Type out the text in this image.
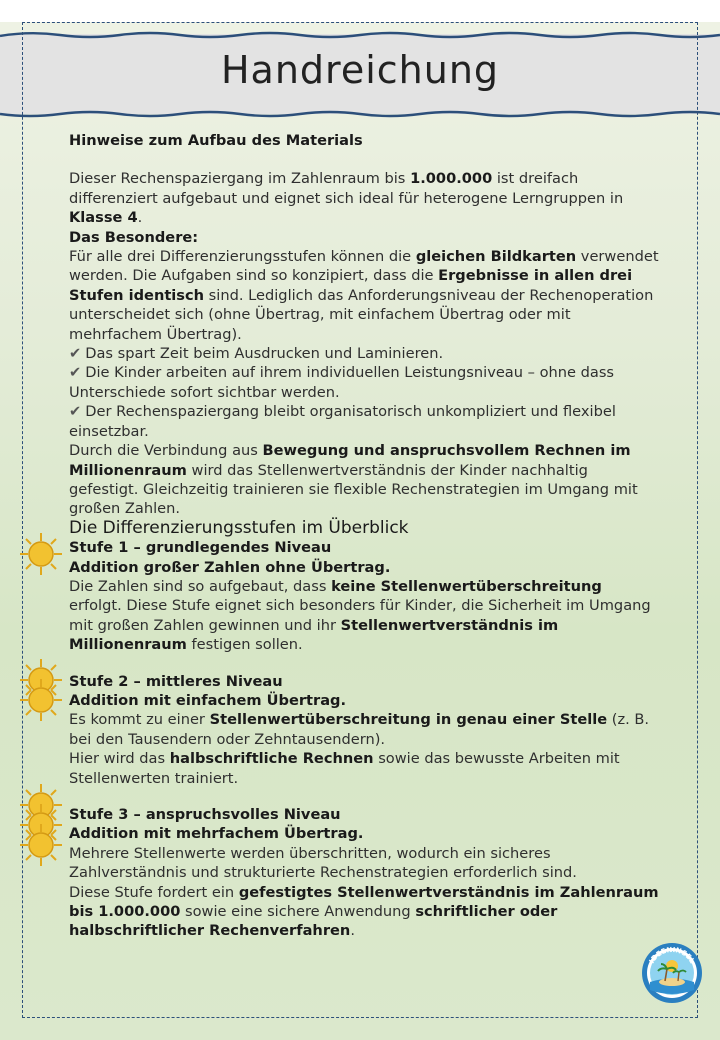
Handreichung

Hinweise zum Aufbau des Materials

Dieser Rechenspaziergang im Zahlenraum bis 1.000.000 ist dreifach differenziert aufgebaut und eignet sich ideal für heterogene Lerngruppen in Klasse 4.

Das Besondere:

Für alle drei Differenzierungsstufen können die gleichen Bildkarten verwendet werden. Die Aufgaben sind so konzipiert, dass die Ergebnisse in allen drei Stufen identisch sind. Lediglich das Anforderungsniveau der Rechenoperation unterscheidet sich (ohne Übertrag, mit einfachem Übertrag oder mit mehrfachem Übertrag).

✔ Das spart Zeit beim Ausdrucken und Laminieren.

✔ Die Kinder arbeiten auf ihrem individuellen Leistungsniveau – ohne dass Unterschiede sofort sichtbar werden.

✔ Der Rechenspaziergang bleibt organisatorisch unkompliziert und flexibel einsetzbar.

Durch die Verbindung aus Bewegung und anspruchsvollem Rechnen im Millionenraum wird das Stellenwertverständnis der Kinder nachhaltig gefestigt. Gleichzeitig trainieren sie flexible Rechenstrategien im Umgang mit großen Zahlen.

Die Differenzierungsstufen im Überblick

Stufe 1 – grundlegendes Niveau

Addition großer Zahlen ohne Übertrag.

Die Zahlen sind so aufgebaut, dass keine Stellenwertüberschreitung erfolgt. Diese Stufe eignet sich besonders für Kinder, die Sicherheit im Umgang mit großen Zahlen gewinnen und ihr Stellenwertverständnis im Millionenraum festigen sollen.

Stufe 2 – mittleres Niveau

Addition mit einfachem Übertrag.

Es kommt zu einer Stellenwertüberschreitung in genau einer Stelle (z. B. bei den Tausendern oder Zehntausendern).

Hier wird das halbschriftliche Rechnen sowie das bewusste Arbeiten mit Stellenwerten trainiert.

Stufe 3 – anspruchsvolles Niveau

Addition mit mehrfachem Übertrag.

Mehrere Stellenwerte werden überschritten, wodurch ein sicheres Zahlverständnis und strukturierte Rechenstrategien erforderlich sind.

Diese Stufe fordert ein gefestigtes Stellenwertverständnis im Zahlenraum bis 1.000.000 sowie eine sichere Anwendung schriftlicher oder halbschriftlicher Rechenverfahren.

IDEENINSEL
